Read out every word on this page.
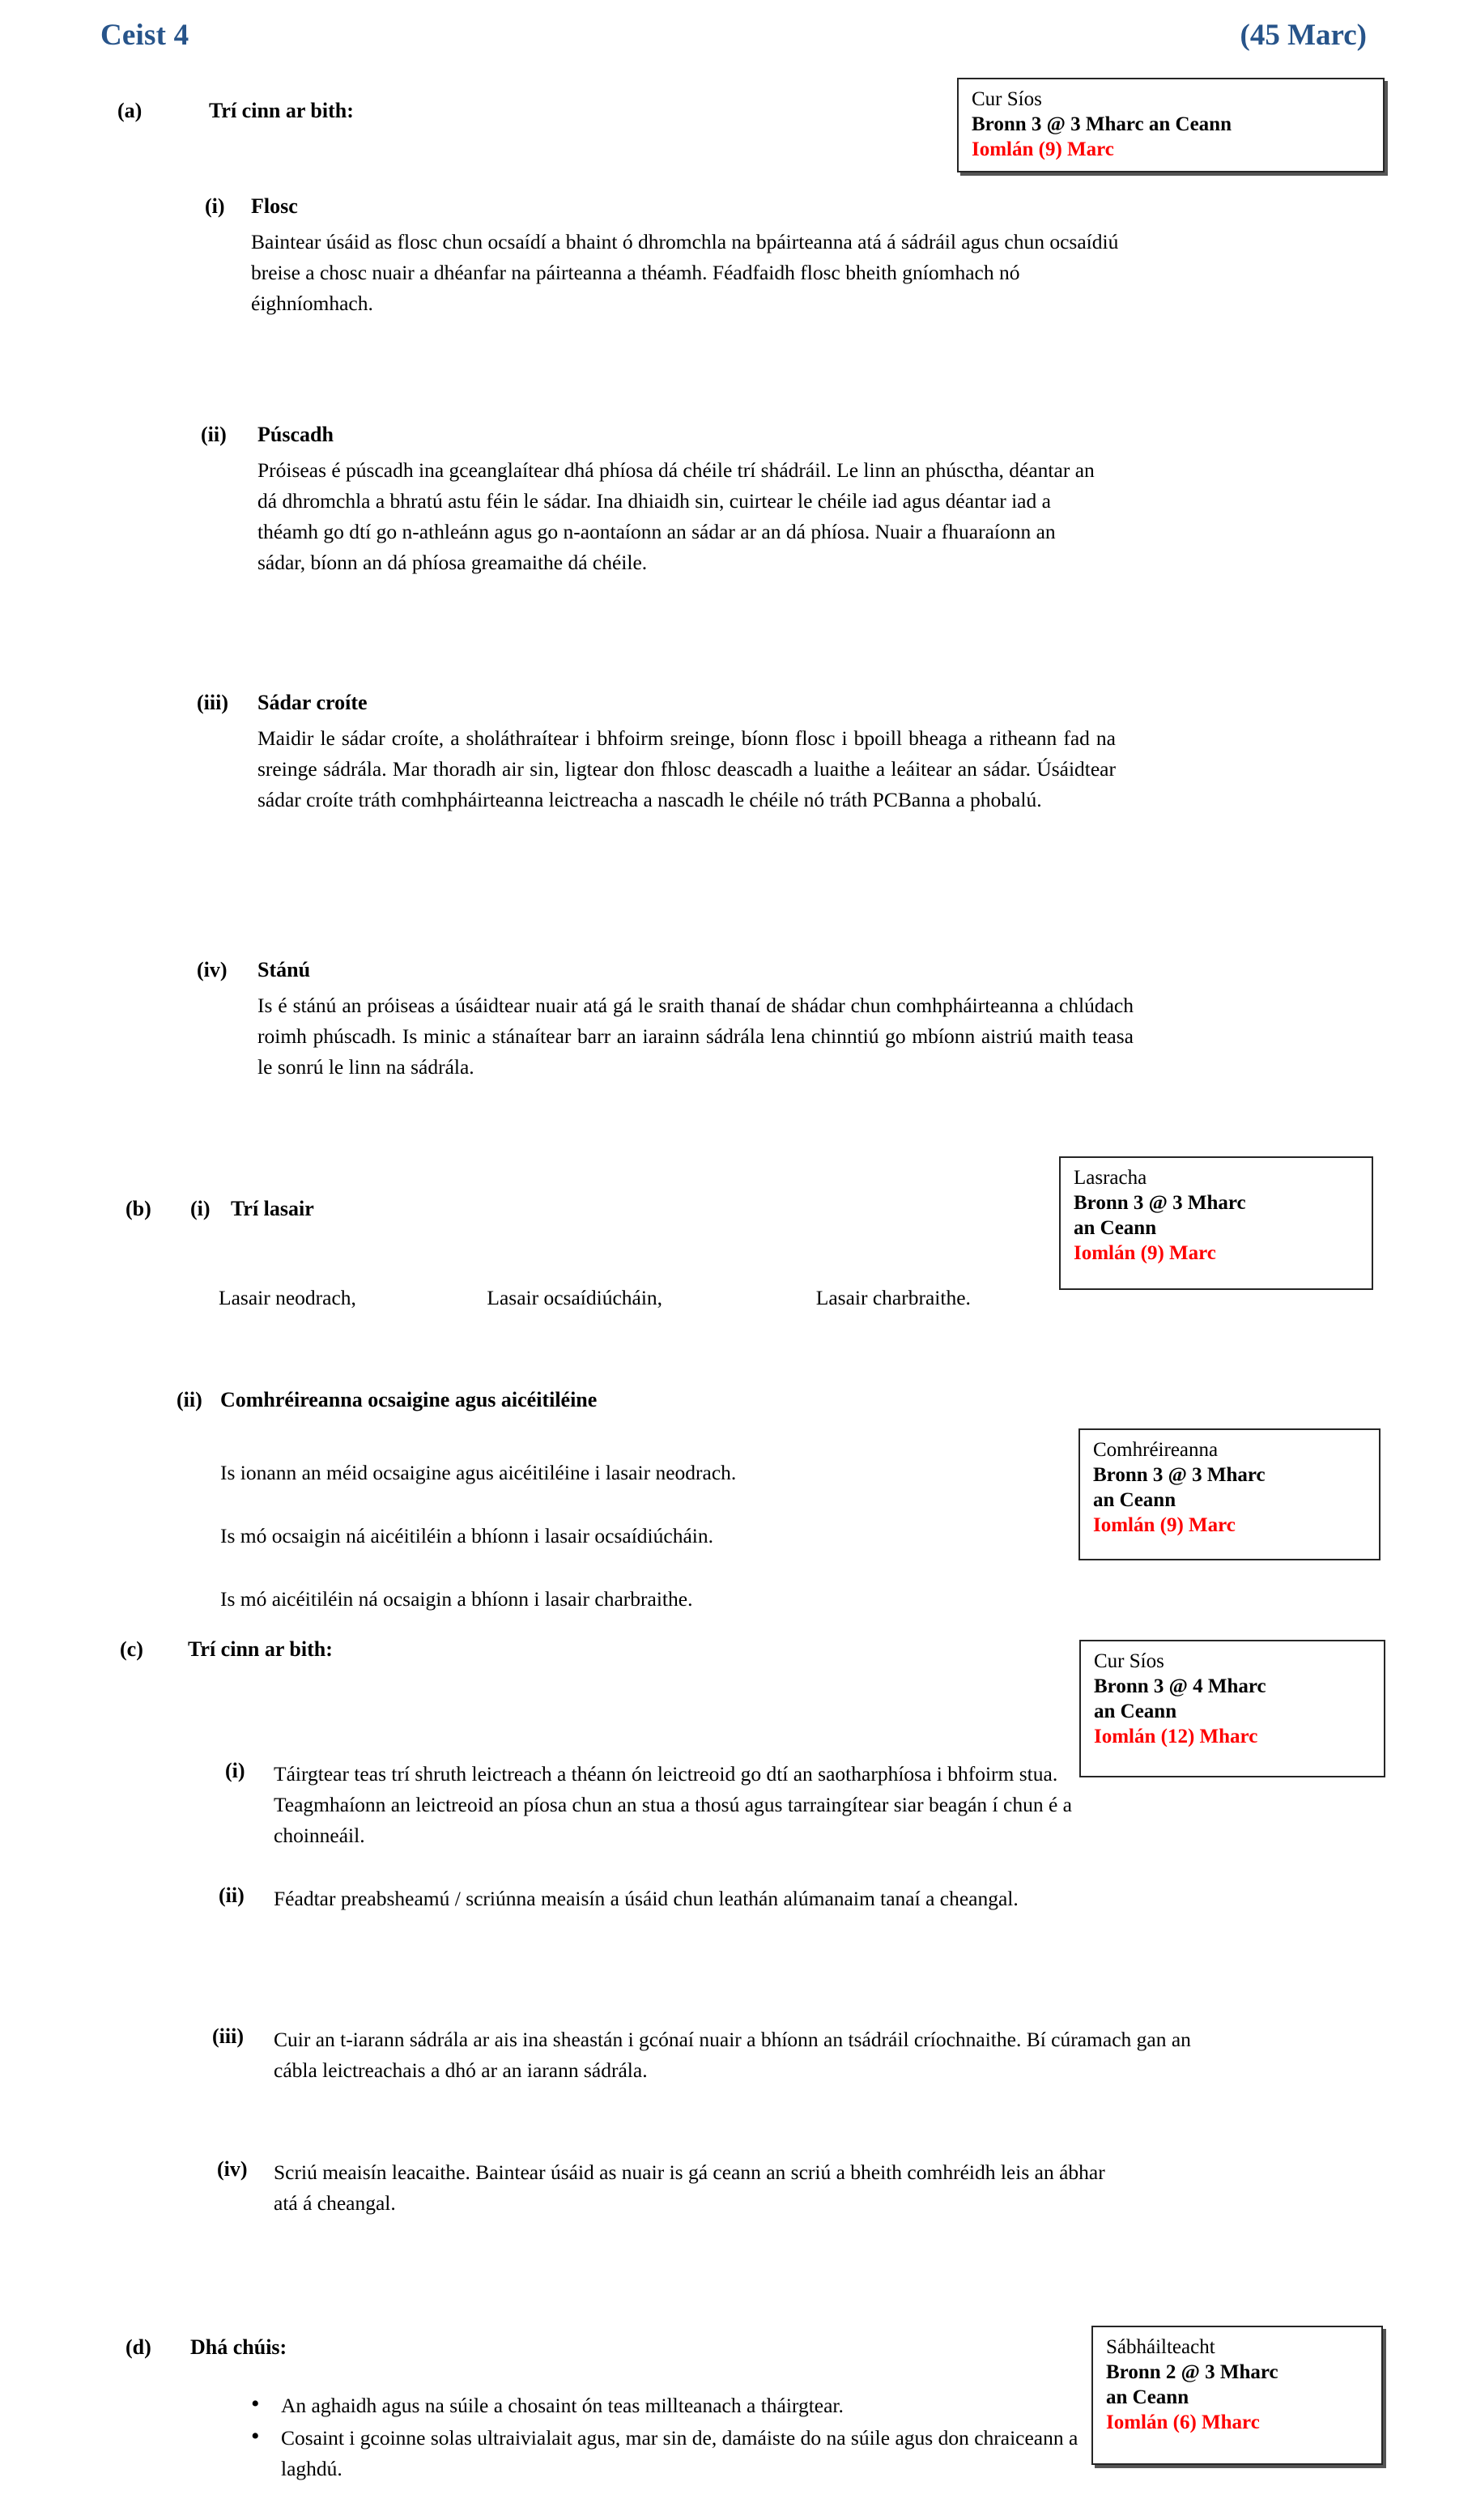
Ceist 4	(45 Marc)
(a)	Trí cinn ar bith:	Cur Síos
Bronn 3 @ 3 Mharc an Ceann
Iomlán (9) Marc
(i) Flosc
Baintear úsáid as flosc chun ocsaídí a bhaint ó dhromchla na bpáirteanna atá á sádráil agus chun ocsaídiú breise a chosc nuair a dhéanfar na páirteanna a théamh. Féadfaidh flosc bheith gníomhach nó éighníomhach.
(ii) Púscadh
Próiseas é púscadh ina gceanglaítear dhá phíosa dá chéile trí shádráil. Le linn an phúsctha, déantar an dá dhromchla a bhratú astu féin le sádar. Ina dhiaidh sin, cuirtear le chéile iad agus déantar iad a théamh go dtí go n-athleánn agus go n-aontaíonn an sádar ar an dá phíosa. Nuair a fhuaraíonn an sádar, bíonn an dá phíosa greamaithe dá chéile.
(iii) Sádar croíte
Maidir le sádar croíte, a sholáthraítear i bhfoirm sreinge, bíonn flosc i bpoill bheaga a ritheann fad na sreinge sádrála. Mar thoradh air sin, ligtear don fhlosc deascadh a luaithe a leáitear an sádar. Úsáidtear sádar croíte tráth comhpháirteanna leictreacha a nascadh le chéile nó tráth PCBanna a phobalú.
(iv) Stánú
Is é stánú an próiseas a úsáidtear nuair atá gá le sraith thanaí de shádar chun comhpháirteanna a chlúdach roimh phúscadh. Is minic a stánaítear barr an iarainn sádrála lena chinntiú go mbíonn aistriú maith teasa le sonrú le linn na sádrála.
(b) (i) Trí lasair
Lasracha
Bronn 3 @ 3 Mharc
an Ceann
Iomlán (9) Marc
Lasair neodrach,	Lasair ocsaídiúcháin,	Lasair charbraithe.
(ii) Comhréireanna ocsaigine agus aicéitiléine
Comhréireanna
Bronn 3 @ 3 Mharc
an Ceann
Iomlán (9) Marc
Is ionann an méid ocsaigine agus aicéitiléine i lasair neodrach.
Is mó ocsaigin ná aicéitiléin a bhíonn i lasair ocsaídiúcháin.
Is mó aicéitiléin ná ocsaigin a bhíonn i lasair charbraithe.
(c) Trí cinn ar bith:
Cur Síos
Bronn 3 @ 4 Mharc
an Ceann
Iomlán (12) Mharc
(i) Táirgtear teas trí shruth leictreach a théann ón leictreoid go dtí an saotharphíosa i bhfoirm stua. Teagmhaíonn an leictreoid an píosa chun an stua a thosú agus tarraingítear siar beagán í chun é a choinneáil.
(ii) Féadtar preabsheamú / scriúnna meaisín a úsáid chun leathán alúmanaim tanaí a cheangal.
(iii) Cuir an t-iarann sádrála ar ais ina sheastán i gcónaí nuair a bhíonn an tsádráil críochnaithe. Bí cúramach gan an cábla leictreachais a dhó ar an iarann sádrála.
(iv) Scriú meaisín leacaithe. Baintear úsáid as nuair is gá ceann an scriú a bheith comhréidh leis an ábhar atá á cheangal.
(d) Dhá chúis:	Sábháilteacht
Bronn 2 @ 3 Mharc
an Ceann
Iomlán (6) Mharc
• An aghaidh agus na súile a chosaint ón teas millteanach a tháirgtear.
• Cosaint i gcoinne solas ultraivialait agus, mar sin de, damáiste do na súile agus don chraiceann a laghdú.
